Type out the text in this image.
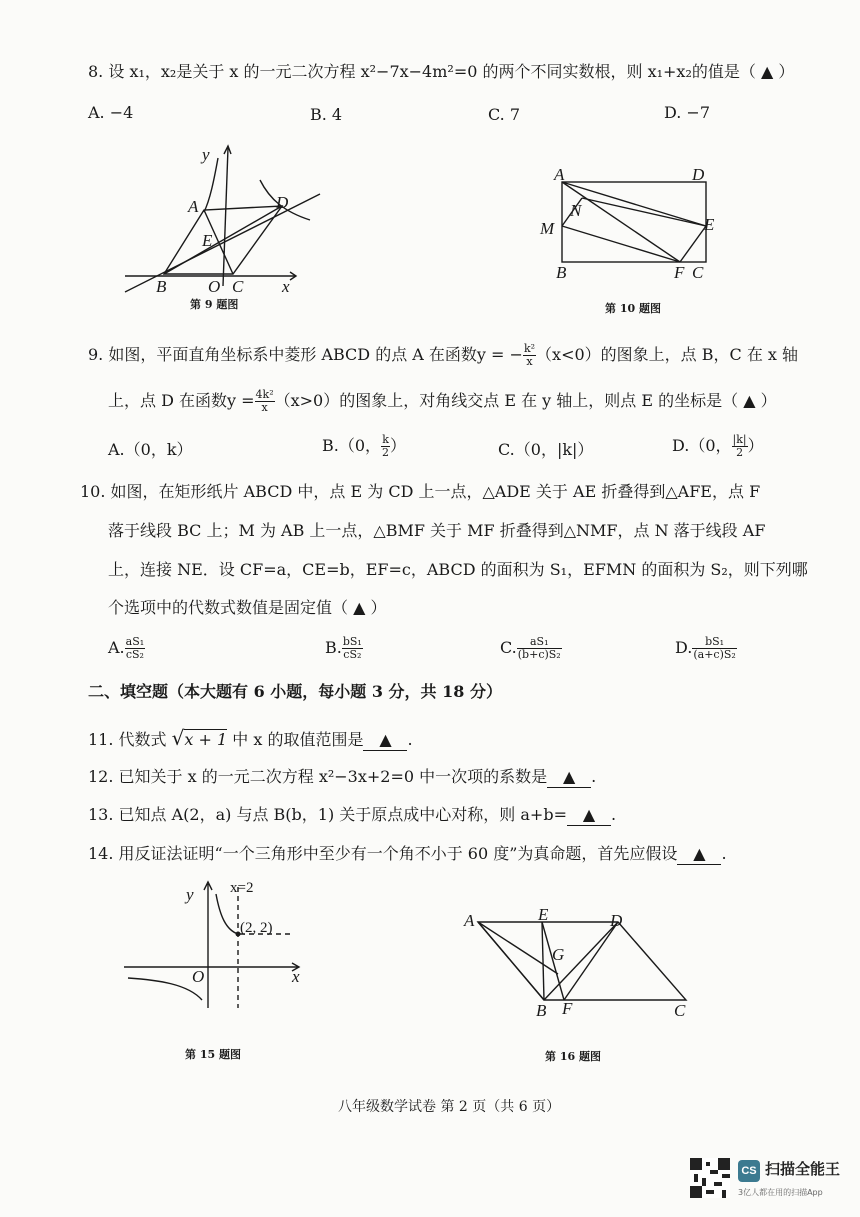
8. 设 x₁，x₂是关于 x 的一元二次方程 x²−7x−4m²=0 的两个不同实数根，则 x₁+x₂的值是（ ▲ ）
A. −4	B. 4	C. 7	D. −7
y
A
E
D
B O C x
第 9 题图
A	D
N
M	E
B	F C
第 10 题图
9. 如图，平面直角坐标系中菱形 ABCD 的点 A 在函数y = − $\frac{\text{k²}}{x} (x<0)$的图象上，点 B，C 在 x 轴
上，点 D 在函数$y = \frac{\text{4k²}}{x} (x>0)$的图象上，对角线交点 E 在 y 轴上，则点 E 的坐标是（ ▲ ）
A.（0，k）	B.（0， $\frac{k}{2}$ ）	C.（0，|k|）	D.（0， $\frac{|k|}{2}$ ）
10. 如图，在矩形纸片 ABCD 中，点 E 为 CD 上一点，△ADE 关于 AE 折叠得到△AFE，点 F
落于线段 BC 上；M 为 AB 上一点，△BMF 关于 MF 折叠得到△NMF，点 N 落于线段 AF
上，连接 NE．设 CF=a，CE=b，EF=c，ABCD 的面积为 S₁，EFMN 的面积为 S₂，则下列哪
个选项中的代数式数值是固定值（ ▲ ）
A. $\frac{\text{aS₁}}{\text{cS₂}}$	B. $\frac{\text{bS₁}}{\text{cS₂}}$	C. $\frac{\text{aS₁}}{\text{(b+c)S₂}}$	D. $\frac{\text{bS₁}}{\text{(a+c)S₂}}$
二、填空题（本大题有 6 小题，每小题 3 分，共 18 分）
11. 代数式 √x + 1 中 x 的取值范围是 ▲ .
12. 已知关于 x 的一元二次方程 x²−3x+2=0 中一次项的系数是 ▲ .
13. 已知点 A(2，a) 与点 B(b，1) 关于原点成中心对称，则 a+b= ▲ .
14. 用反证法证明“一个三角形中至少有一个角不小于 60 度”为真命题，首先应假设 ▲ .
y x=2
(2, 2)
O	x
第 15 题图
A	E	D
G
B F	C
第 16 题图
八年级数学试卷 第 2 页（共 6 页）
CS 扫描全能王
3亿人都在用的扫描App
